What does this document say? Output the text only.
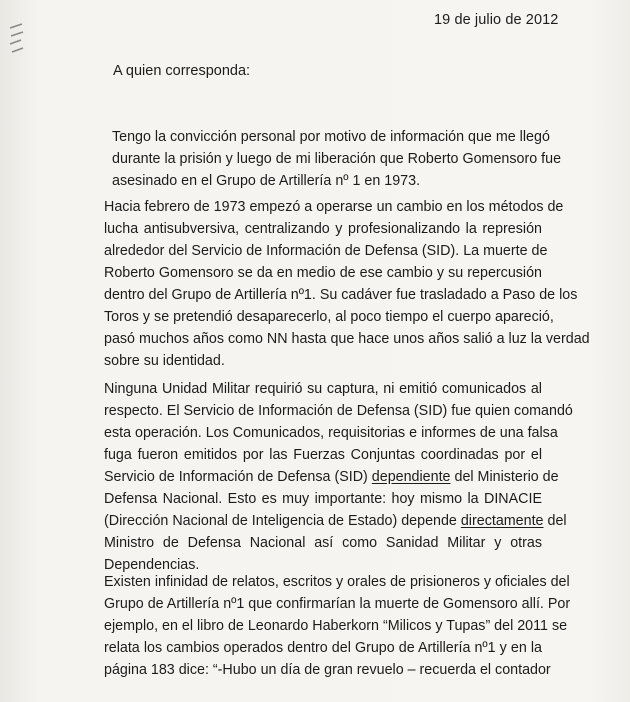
19 de julio de 2012
A quien corresponda:
Tengo la convicción personal por motivo de información que me llegó
durante la prisión y luego de mi liberación que Roberto Gomensoro fue
asesinado en el Grupo de Artillería nº 1 en 1973.
Hacia febrero de 1973 empezó a operarse un cambio en los métodos de
lucha antisubversiva, centralizando y profesionalizando la represión
alrededor del Servicio de Información de Defensa (SID). La muerte de
Roberto Gomensoro se da en medio de ese cambio y su repercusión
dentro del Grupo de Artillería nº1. Su cadáver fue trasladado a Paso de los
Toros y se pretendió desaparecerlo, al poco tiempo el cuerpo apareció,
pasó muchos años como NN hasta que hace unos años salió a luz la verdad
sobre su identidad.
Ninguna Unidad Militar requirió su captura, ni emitió comunicados al
respecto. El Servicio de Información de Defensa (SID) fue quien comandó
esta operación. Los Comunicados, requisitorias e informes de una falsa
fuga fueron emitidos por las Fuerzas Conjuntas coordinadas por el
Servicio de Información de Defensa (SID) dependiente del Ministerio de
Defensa Nacional. Esto es muy importante: hoy mismo la DINACIE
(Dirección Nacional de Inteligencia de Estado) depende directamente del
Ministro de Defensa Nacional así como Sanidad Militar y otras
Dependencias.
Existen infinidad de relatos, escritos y orales de prisioneros y oficiales del
Grupo de Artillería nº1 que confirmarían la muerte de Gomensoro allí. Por
ejemplo, en el libro de Leonardo Haberkorn “Milicos y Tupas” del 2011 se
relata los cambios operados dentro del Grupo de Artillería nº1 y en la
página 183 dice: “-Hubo un día de gran revuelo – recuerda el contador
